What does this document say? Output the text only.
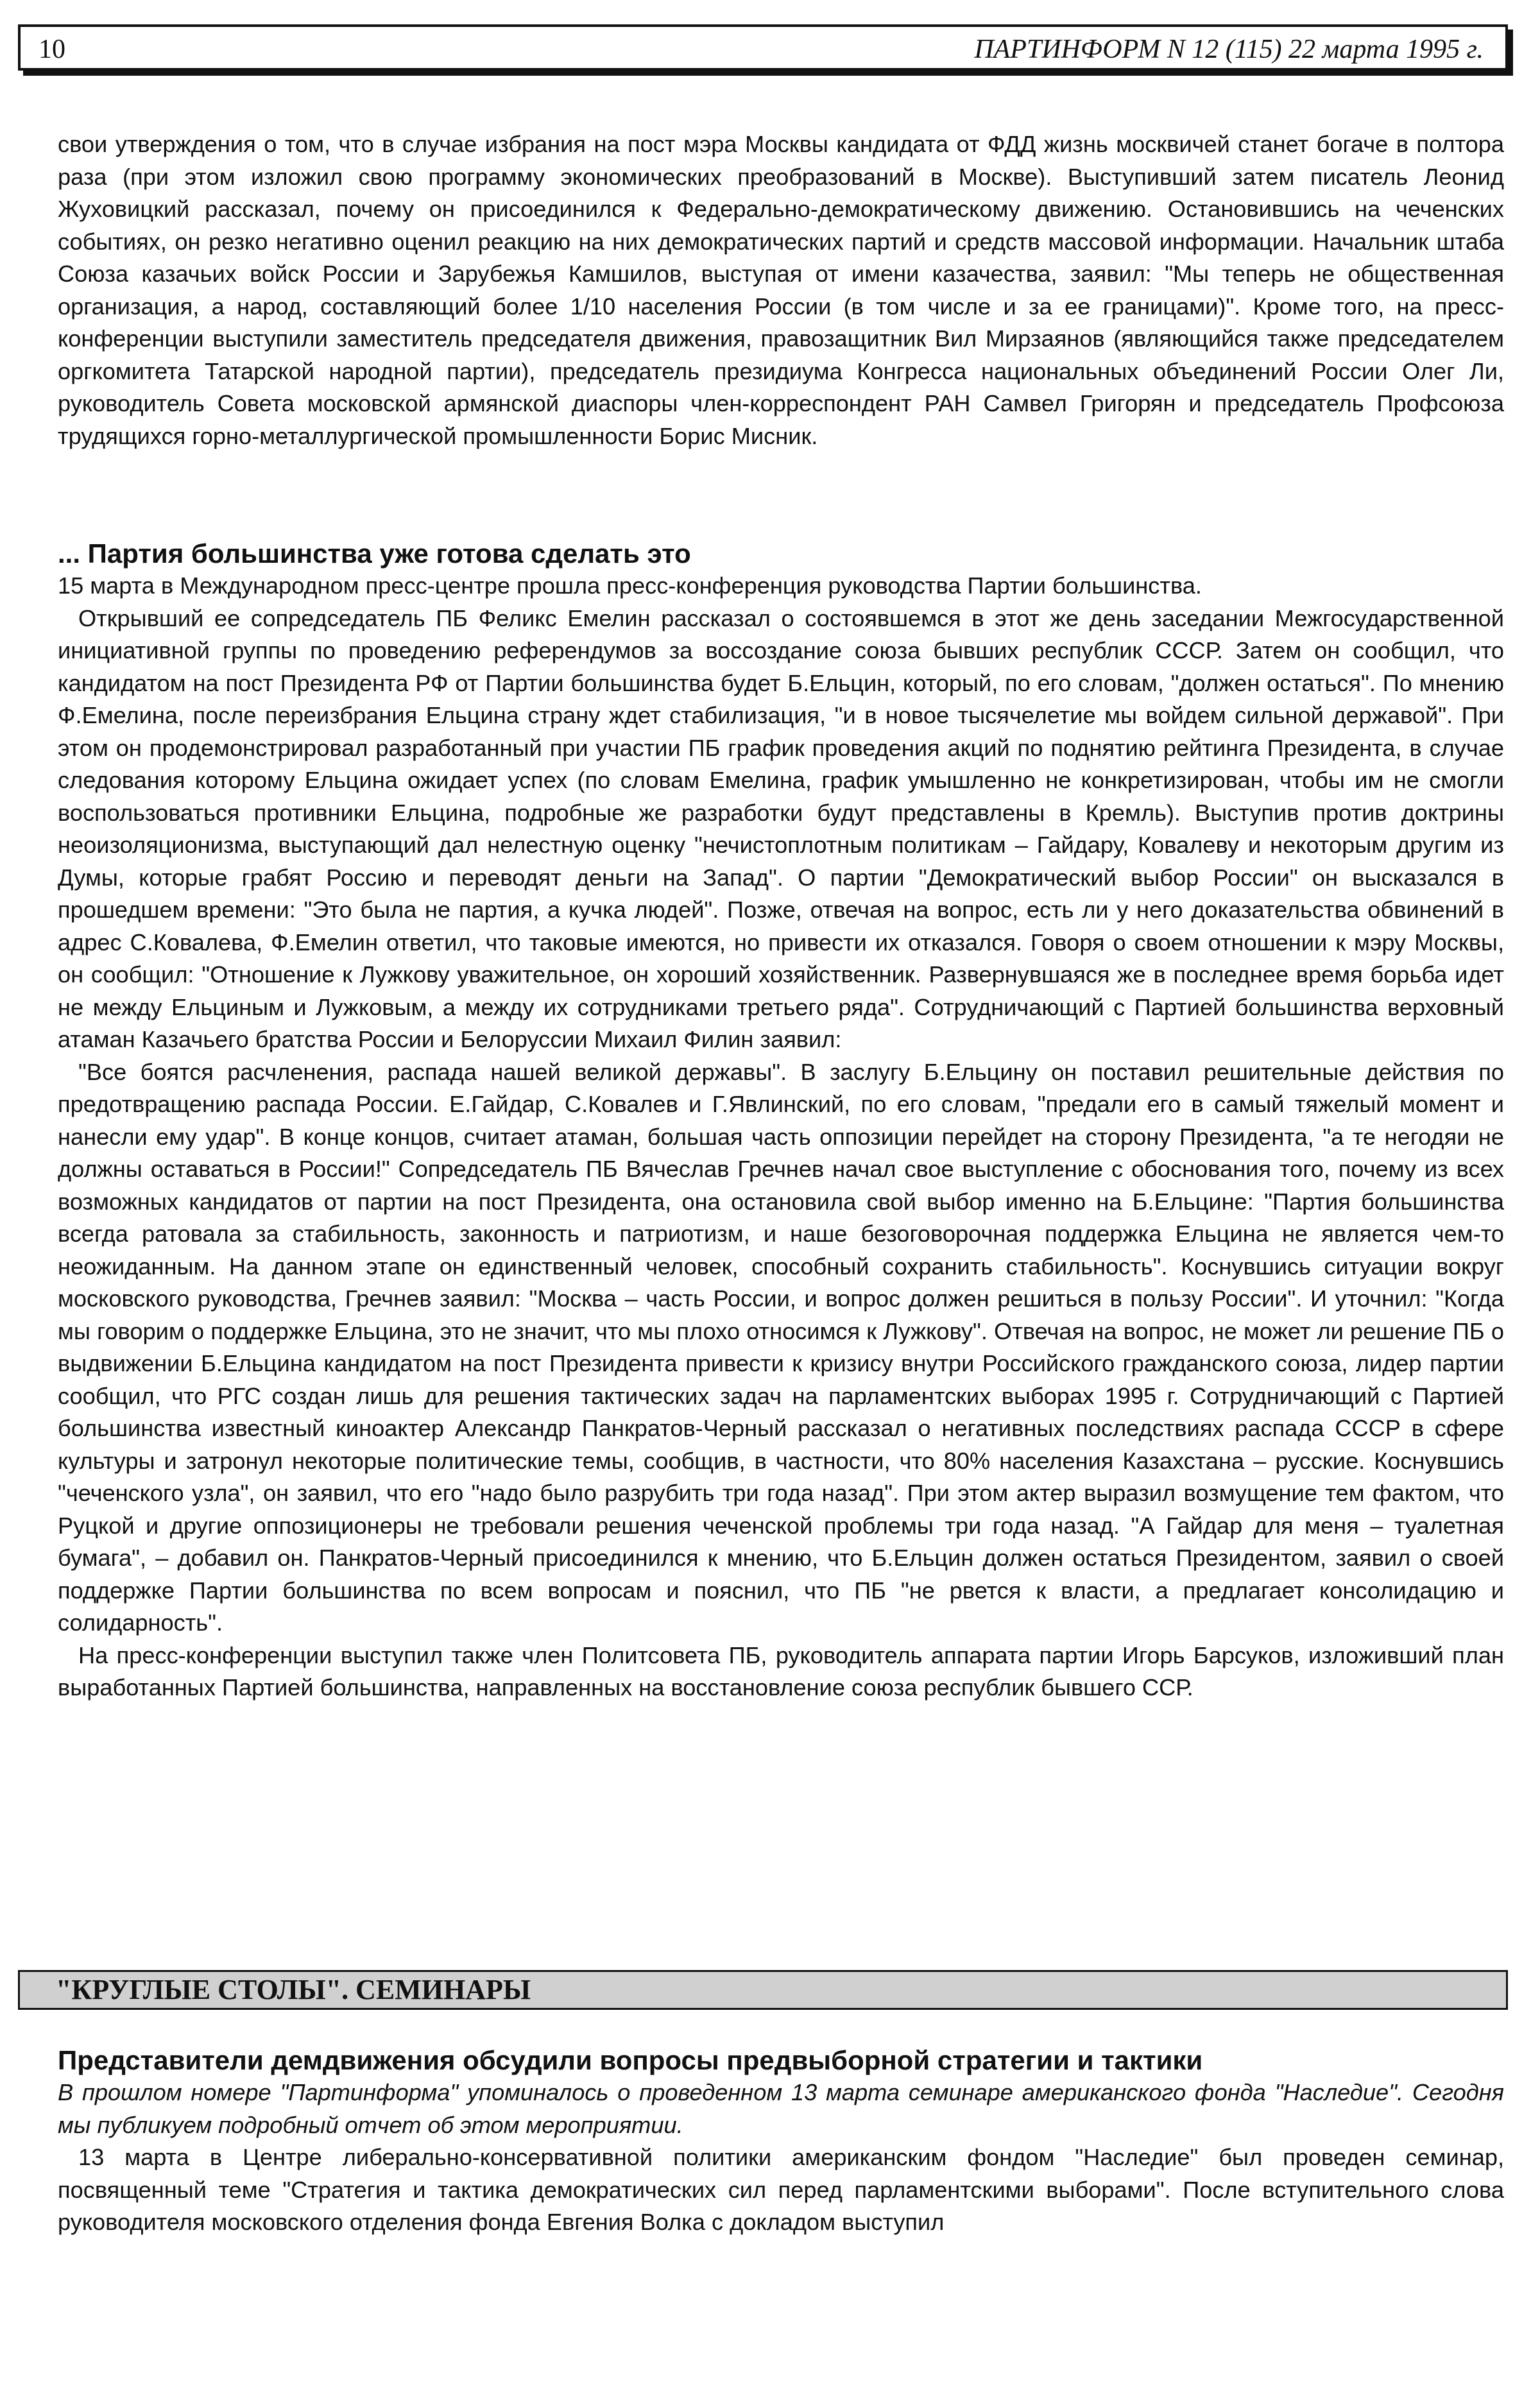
10	ПАРТИНФОРМ N 12 (115) 22 марта 1995 г.

свои утверждения о том, что в случае избрания на пост мэра Москвы кандидата от ФДД жизнь москвичей станет богаче в полтора раза (при этом изложил свою программу экономических преобразований в Москве). Выступивший затем писатель Леонид Жуховицкий рассказал, почему он присоединился к Федерально-демократическому движению. Остановившись на чеченских событиях, он резко негативно оценил реакцию на них демократических партий и средств массовой информации. Начальник штаба Союза казачьих войск России и Зарубежья Камшилов, выступая от имени казачества, заявил: "Мы теперь не общественная организация, а народ, составляющий более 1/10 населения России (в том числе и за ее границами)". Кроме того, на пресс-конференции выступили заместитель председателя движения, правозащитник Вил Мирзаянов (являющийся также председателем оргкомитета Татарской народной партии), председатель президиума Конгресса национальных объединений России Олег Ли, руководитель Совета московской армянской диаспоры член-корреспондент РАН Самвел Григорян и председатель Профсоюза трудящихся горно-металлургической промышленности Борис Мисник.

... Партия большинства уже готова сделать это

15 марта в Международном пресс-центре прошла пресс-конференция руководства Партии большинства.

Открывший ее сопредседатель ПБ Феликс Емелин рассказал о состоявшемся в этот же день заседании Межгосударственной инициативной группы по проведению референдумов за воссоздание союза бывших республик СССР. Затем он сообщил, что кандидатом на пост Президента РФ от Партии большинства будет Б.Ельцин, который, по его словам, "должен остаться". По мнению Ф.Емелина, после переизбрания Ельцина страну ждет стабилизация, "и в новое тысячелетие мы войдем сильной державой". При этом он продемонстрировал разработанный при участии ПБ график проведения акций по поднятию рейтинга Президента, в случае следования которому Ельцина ожидает успех (по словам Емелина, график умышленно не конкретизирован, чтобы им не смогли воспользоваться противники Ельцина, подробные же разработки будут представлены в Кремль). Выступив против доктрины неоизоляционизма, выступающий дал нелестную оценку "нечистоплотным политикам – Гайдару, Ковалеву и некоторым другим из Думы, которые грабят Россию и переводят деньги на Запад". О партии "Демократический выбор России" он высказался в прошедшем времени: "Это была не партия, а кучка людей". Позже, отвечая на вопрос, есть ли у него доказательства обвинений в адрес С.Ковалева, Ф.Емелин ответил, что таковые имеются, но привести их отказался. Говоря о своем отношении к мэру Москвы, он сообщил: "Отношение к Лужкову уважительное, он хороший хозяйственник. Развернувшаяся же в последнее время борьба идет не между Ельциным и Лужковым, а между их сотрудниками третьего ряда". Сотрудничающий с Партией большинства верховный атаман Казачьего братства России и Белоруссии Михаил Филин заявил:

"Все боятся расчленения, распада нашей великой державы". В заслугу Б.Ельцину он поставил решительные действия по предотвращению распада России. Е.Гайдар, С.Ковалев и Г.Явлинский, по его словам, "предали его в самый тяжелый момент и нанесли ему удар". В конце концов, считает атаман, большая часть оппозиции перейдет на сторону Президента, "а те негодяи не должны оставаться в России!" Сопредседатель ПБ Вячеслав Гречнев начал свое выступление с обоснования того, почему из всех возможных кандидатов от партии на пост Президента, она остановила свой выбор именно на Б.Ельцине: "Партия большинства всегда ратовала за стабильность, законность и патриотизм, и наше безоговорочная поддержка Ельцина не является чем-то неожиданным. На данном этапе он единственный человек, способный сохранить стабильность". Коснувшись ситуации вокруг московского руководства, Гречнев заявил: "Москва – часть России, и вопрос должен решиться в пользу России". И уточнил: "Когда мы говорим о поддержке Ельцина, это не значит, что мы плохо относимся к Лужкову". Отвечая на вопрос, не может ли решение ПБ о выдвижении Б.Ельцина кандидатом на пост Президента привести к кризису внутри Российского гражданского союза, лидер партии сообщил, что РГС создан лишь для решения тактических задач на парламентских выборах 1995 г. Сотрудничающий с Партией большинства известный киноактер Александр Панкратов-Черный рассказал о негативных последствиях распада СССР в сфере культуры и затронул некоторые политические темы, сообщив, в частности, что 80% населения Казахстана – русские. Коснувшись "чеченского узла", он заявил, что его "надо было разрубить три года назад". При этом актер выразил возмущение тем фактом, что Руцкой и другие оппозиционеры не требовали решения чеченской проблемы три года назад. "А Гайдар для меня – туалетная бумага", – добавил он. Панкратов-Черный присоединился к мнению, что Б.Ельцин должен остаться Президентом, заявил о своей поддержке Партии большинства по всем вопросам и пояснил, что ПБ "не рвется к власти, а предлагает консолидацию и солидарность".

На пресс-конференции выступил также член Политсовета ПБ, руководитель аппарата партии Игорь Барсуков, изложивший план выработанных Партией большинства, направленных на восстановление союза республик бывшего ССР.

"КРУГЛЫЕ СТОЛЫ". СЕМИНАРЫ
Представители демдвижения обсудили вопросы предвыборной стратегии и тактики

В прошлом номере "Партинформа" упоминалось о проведенном 13 марта семинаре американского фонда "Наследие". Сегодня мы публикуем подробный отчет об этом мероприятии.

13 марта в Центре либерально-консервативной политики американским фондом "Наследие" был проведен семинар, посвященный теме "Стратегия и тактика демократических сил перед парламентскими выборами". После вступительного слова руководителя московского отделения фонда Евгения Волка с докладом выступил
